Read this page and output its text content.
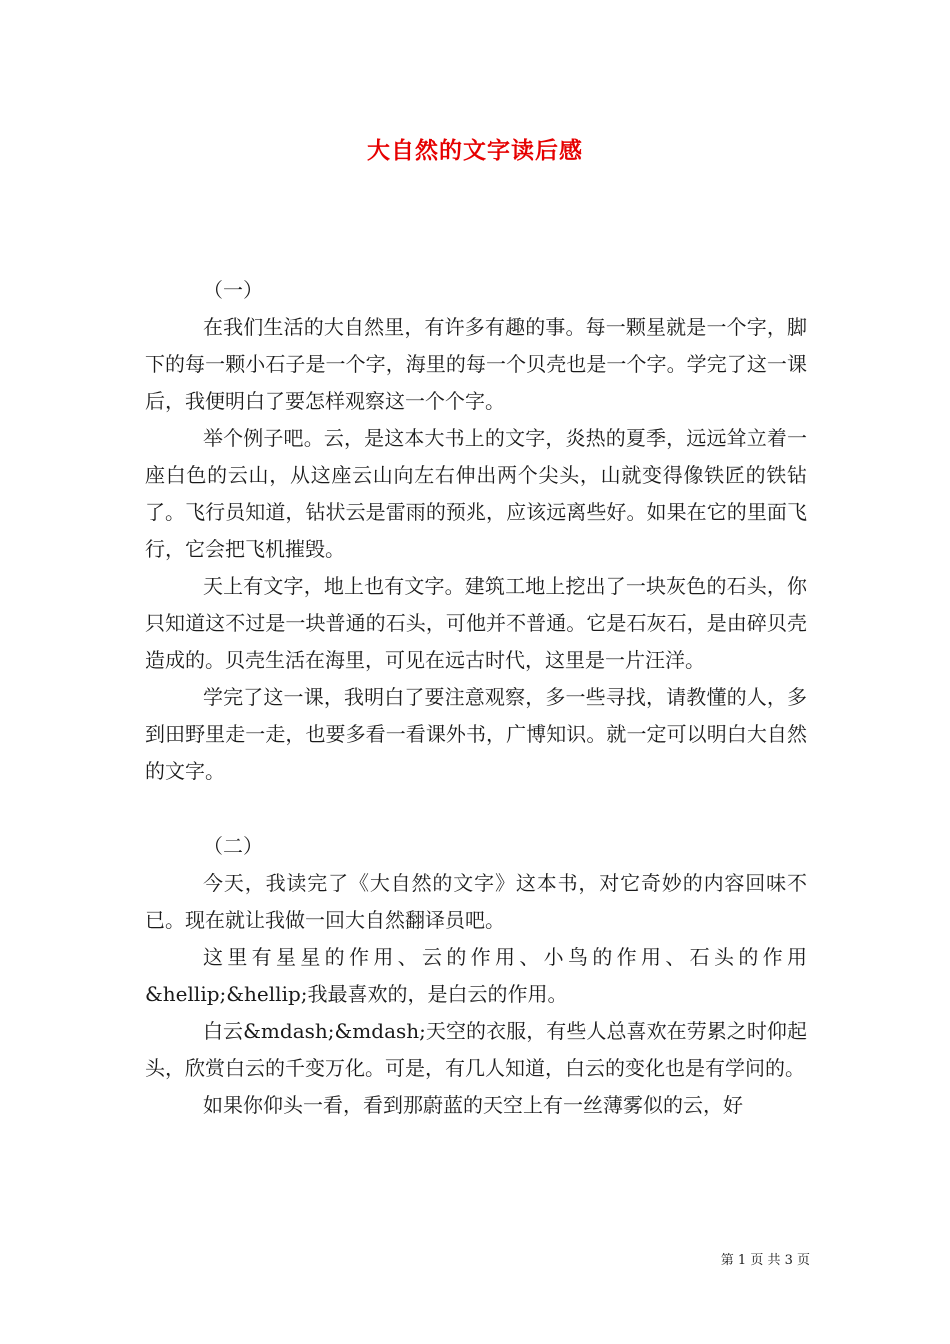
大自然的文字读后感

（一）

在我们生活的大自然里，有许多有趣的事。每一颗星就是一个字，脚下的每一颗小石子是一个字，海里的每一个贝壳也是一个字。学完了这一课后，我便明白了要怎样观察这一个个字。

举个例子吧。云，是这本大书上的文字，炎热的夏季，远远耸立着一座白色的云山，从这座云山向左右伸出两个尖头，山就变得像铁匠的铁钻了。飞行员知道，钻状云是雷雨的预兆，应该远离些好。如果在它的里面飞行，它会把飞机摧毁。

天上有文字，地上也有文字。建筑工地上挖出了一块灰色的石头，你只知道这不过是一块普通的石头，可他并不普通。它是石灰石，是由碎贝壳造成的。贝壳生活在海里，可见在远古时代，这里是一片汪洋。

学完了这一课，我明白了要注意观察，多一些寻找，请教懂的人，多到田野里走一走，也要多看一看课外书，广博知识。就一定可以明白大自然的文字。

（二）

今天，我读完了《大自然的文字》这本书，对它奇妙的内容回味不已。现在就让我做一回大自然翻译员吧。

这里有星星的作用、云的作用、小鸟的作用、石头的作用&hellip;&hellip;我最喜欢的，是白云的作用。

白云&mdash;&mdash;天空的衣服，有些人总喜欢在劳累之时仰起头，欣赏白云的千变万化。可是，有几人知道，白云的变化也是有学问的。

如果你仰头一看，看到那蔚蓝的天空上有一丝薄雾似的云，好

第 1 页 共 3 页
